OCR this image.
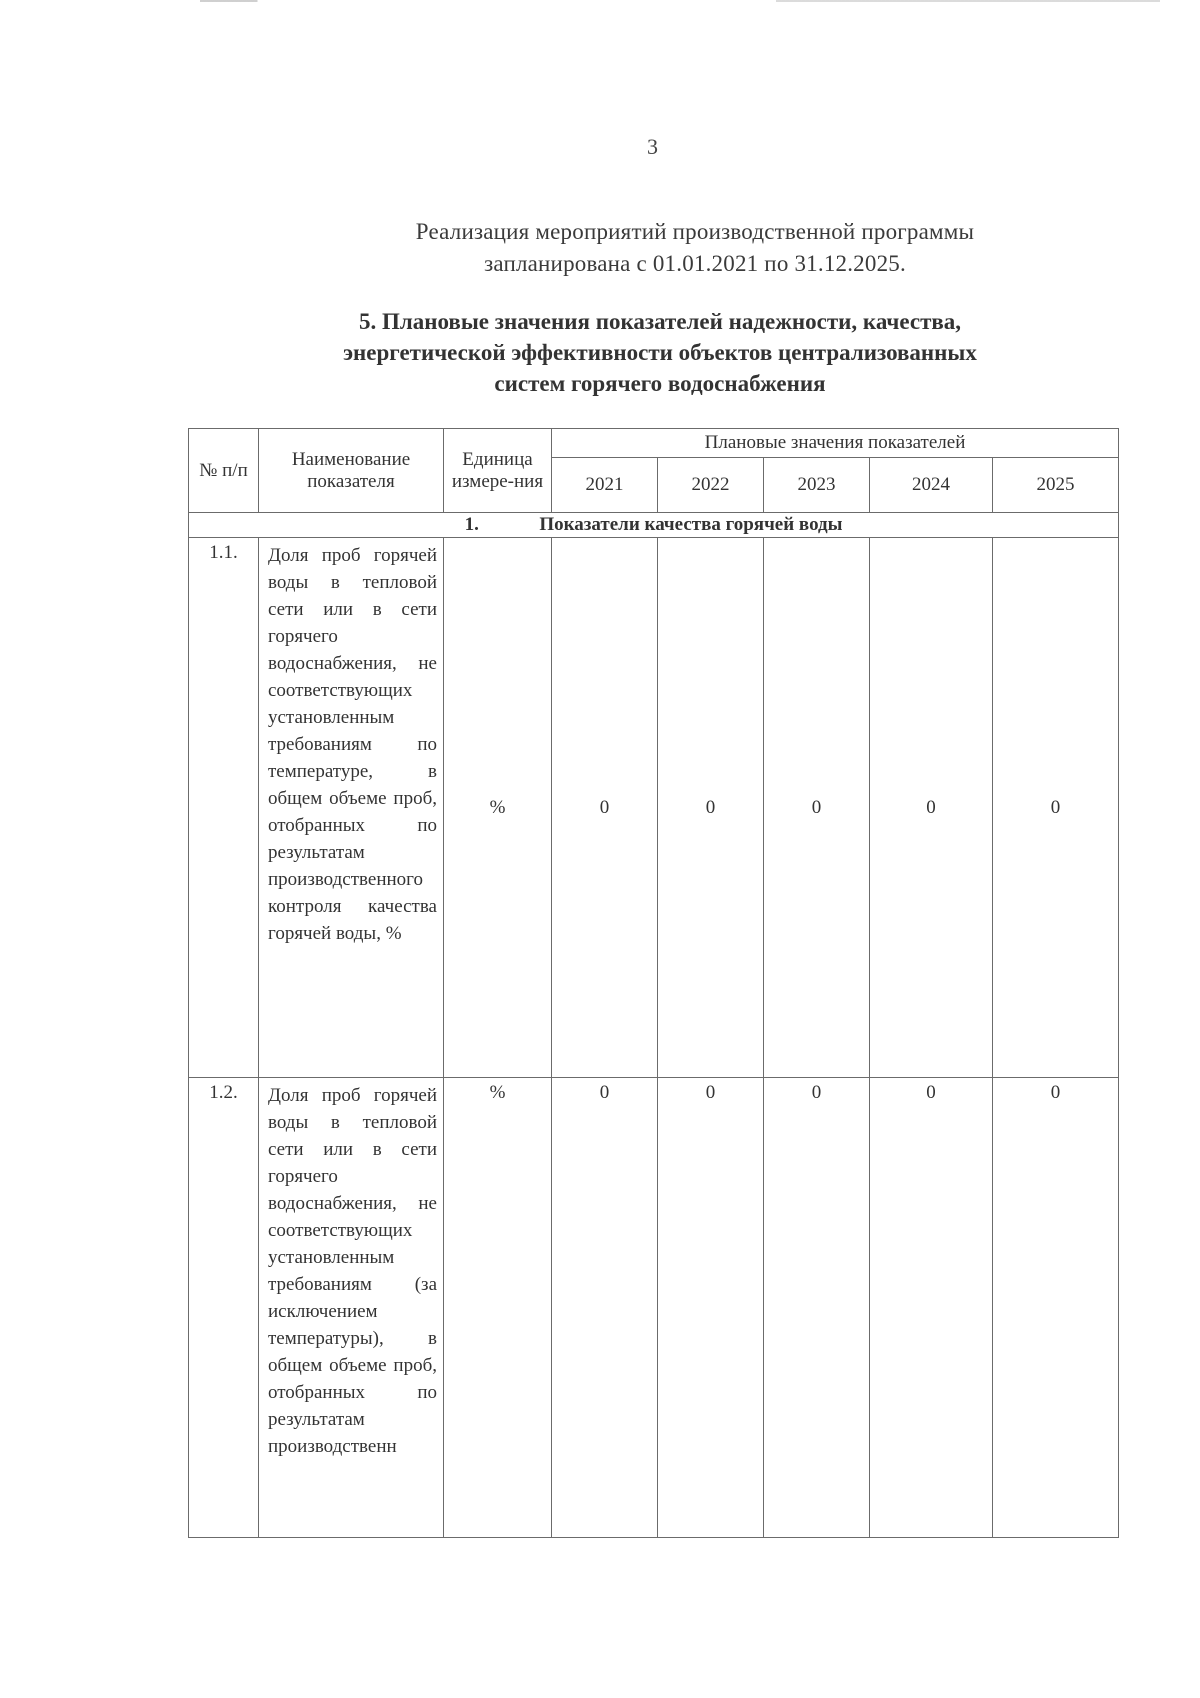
3
Реализация мероприятий производственной программы
запланирована с 01.01.2021 по 31.12.2025.
5. Плановые значения показателей надежности, качества,
энергетической эффективности объектов централизованных
систем горячего водоснабжения
№ п/п	Наименование показателя	Единица измере-ния	Плановые значения показателей				
			2021	2022	2023	2024	2025
1. Показатели качества горячей воды							
1.1.	Доля проб горячей воды в тепловой сети или в сети горячего водоснабжения, не соответствующих установленным требованиям по температуре, в общем объеме проб, отобранных по результатам производственного контроля качества горячей воды, %	%	0	0	0	0	0
1.2.	Доля проб горячей воды в тепловой сети или в сети горячего водоснабжения, не соответствующих установленным требованиям (за исключением температуры), в общем объеме проб, отобранных по результатам производственн	%	0	0	0	0	0
